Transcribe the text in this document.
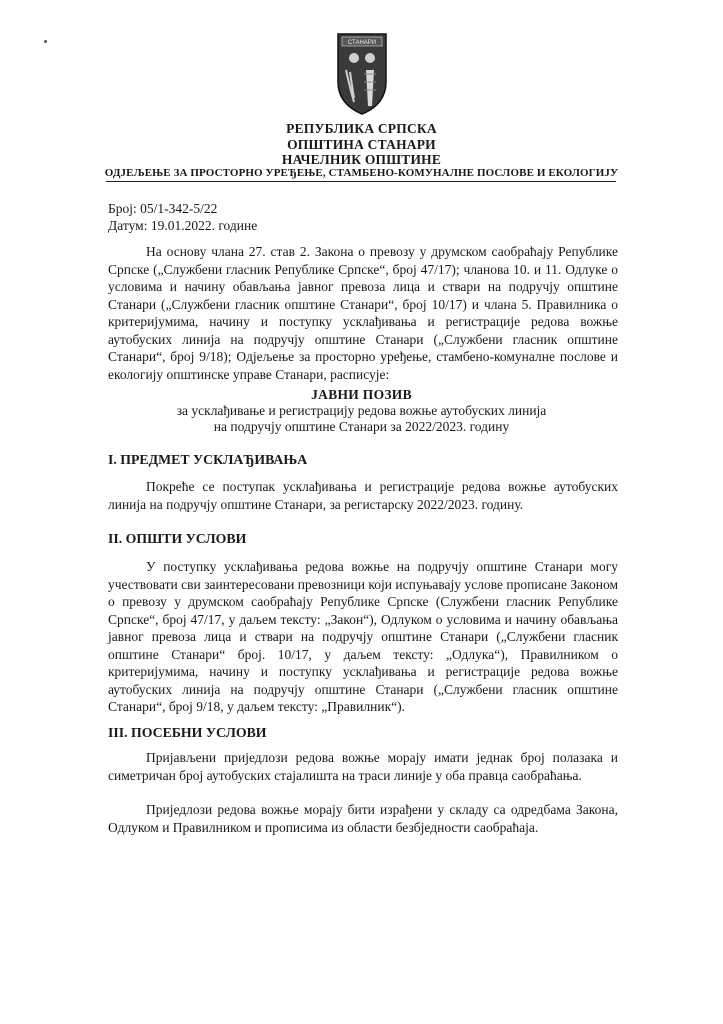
СТАНАРИ
РЕПУБЛИКА СРПСКА
ОПШТИНА СТАНАРИ
НАЧЕЛНИК ОПШТИНЕ
ОДЈЕЉЕЊЕ ЗА ПРОСТОРНО УРЕЂЕЊЕ, СТАМБЕНО-КОМУНАЛНЕ ПОСЛОВЕ И ЕКОЛОГИЈУ
Број: 05/1-342-5/22
Датум: 19.01.2022. године

На основу члана 27. став 2. Закона о превозу у друмском саобраћају Републике Српске („Службени гласник Републике Српске“, број 47/17); чланова 10. и 11. Одлуке о условима и начину обављања јавног превоза лица и ствари на подручју општине Станари („Службени гласник општине Станари“, број 10/17) и члана 5. Правилника о критеријумима, начину и поступку усклађивања и регистрације редова вожње аутобуских линија на подручју општине Станари („Службени гласник општине Станари“, број 9/18); Одјељење за просторно уређење, стамбено-комуналне послове и екологију општинске управе Станари, расписује:

ЈАВНИ ПОЗИВ
за усклађивање и регистрацију редова вожње аутобуских линија
на подручју општине Станари за 2022/2023. годину
I. ПРЕДМЕТ УСКЛАЂИВАЊА

Покреће се поступак усклађивања и регистрације редова вожње аутобуских линија на подручју општине Станари, за регистарску 2022/2023. годину.

II. ОПШТИ УСЛОВИ

У поступку усклађивања редова вожње на подручју општине Станари могу учествовати сви заинтересовани превозници који испуњавају услове прописане Законом о превозу у друмском саобраћају Републике Српске (Службени гласник Републике Српске“, број 47/17, у даљем тексту: „Закон“), Одлуком о условима и начину обављања јавног превоза лица и ствари на подручју општине Станари („Службени гласник општине Станари“ број. 10/17, у даљем тексту: „Одлука“), Правилником о критеријумима, начину и поступку усклађивања и регистрације редова вожње аутобуских линија на подручју општине Станари („Службени гласник општине Станари“, број 9/18, у даљем тексту: „Правилник“).

III. ПОСЕБНИ УСЛОВИ

Пријављени приједлози редова вожње морају имати једнак број полазака и симетричан број аутобуских стајалишта на траси линије у оба правца саобраћања.

Приједлози редова вожње морају бити израђени у складу са одредбама Закона, Одлуком и Правилником и прописима из области безбједности саобраћаја.
